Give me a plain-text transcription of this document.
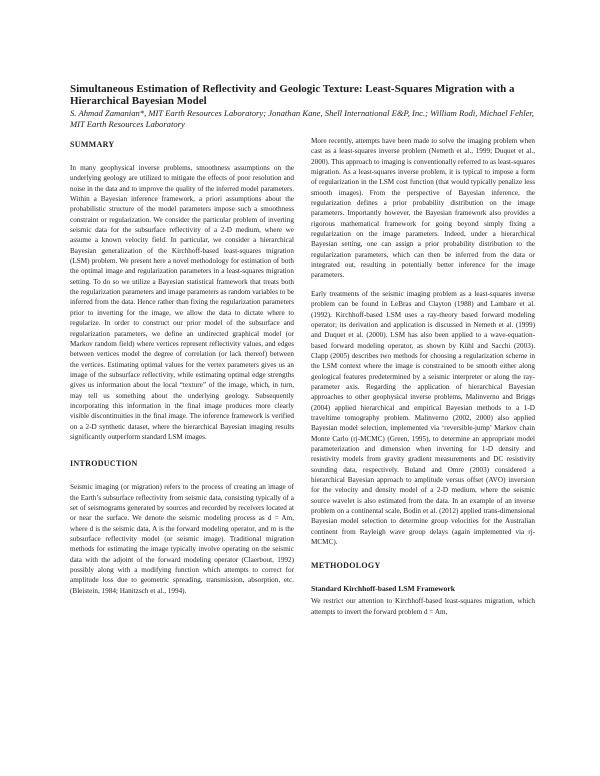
Simultaneous Estimation of Reflectivity and Geologic Texture: Least-Squares Migration with a Hierarchical Bayesian Model

S. Ahmad Zamanian*, MIT Earth Resources Laboratory; Jonathan Kane, Shell International E&P, Inc.; William Rodi, Michael Fehler, MIT Earth Resources Laboratory

SUMMARY

In many geophysical inverse problems, smoothness assumptions on the underlying geology are utilized to mitigate the effects of poor resolution and noise in the data and to improve the quality of the inferred model parameters. Within a Bayesian inference framework, a priori assumptions about the probabilistic structure of the model parameters impose such a smoothness constraint or regularization. We consider the particular problem of inverting seismic data for the subsurface reflectivity of a 2-D medium, where we assume a known velocity field. In particular, we consider a hierarchical Bayesian generalization of the Kirchhoff-based least-squares migration (LSM) problem. We present here a novel methodology for estimation of both the optimal image and regularization parameters in a least-squares migration setting. To do so we utilize a Bayesian statistical framework that treats both the regularization parameters and image parameters as random variables to be inferred from the data. Hence rather than fixing the regularization parameters prior to inverting for the image, we allow the data to dictate where to regularize. In order to construct our prior model of the subsurface and regularization parameters, we define an undirected graphical model (or Markov random field) where vertices represent reflectivity values, and edges between vertices model the degree of correlation (or lack thereof) between the vertices. Estimating optimal values for the vertex parameters gives us an image of the subsurface reflectivity, while estimating optimal edge strengths gives us information about the local “texture” of the image, which, in turn, may tell us something about the underlying geology. Subsequently incorporating this information in the final image produces more clearly visible discontinuities in the final image. The inference framework is verified on a 2-D synthetic dataset, where the hierarchical Bayesian imaging results significantly outperform standard LSM images.

INTRODUCTION

Seismic imaging (or migration) refers to the process of creating an image of the Earth’s subsurface reflectivity from seismic data, consisting typically of a set of seismograms generated by sources and recorded by receivers located at or near the surface. We denote the seismic modeling process as d = Am, where d is the seismic data, A is the forward modeling operator, and m is the subsurface reflectivity model (or seismic image). Traditional migration methods for estimating the image typically involve operating on the seismic data with the adjoint of the forward modeling operator (Claerbout, 1992) possibly along with a modifying function which attempts to correct for amplitude loss due to geometric spreading, transmission, absorption, etc. (Bleistein, 1984; Hanitzsch et al., 1994).

More recently, attempts have been made to solve the imaging problem when cast as a least-squares inverse problem (Nemeth et al., 1999; Duquet et al., 2000). This approach to imaging is conventionally referred to as least-squares migration. As a least-squares inverse problem, it is typical to impose a form of regularization in the LSM cost function (that would typically penalize less smooth images). From the perspective of Bayesian inference, the regularization defines a prior probability distribution on the image parameters. Importantly however, the Bayesian framework also provides a rigorous mathematical framework for going beyond simply fixing a regularization on the image parameters. Indeed, under a hierarchical Bayesian setting, one can assign a prior probability distribution to the regularization parameters, which can then be inferred from the data or integrated out, resulting in potentially better inference for the image parameters.

Early treatments of the seismic imaging problem as a least-squares inverse problem can be found in LeBras and Clayton (1988) and Lambare et al. (1992). Kirchhoff-based LSM uses a ray-theory based forward modeling operator; its derivation and application is discussed in Nemeth et al. (1999) and Duquet et al. (2000). LSM has also been applied to a wave-equation-based forward modeling operator, as shown by Kühl and Sacchi (2003). Clapp (2005) describes two methods for choosing a regularization scheme in the LSM context where the image is constrained to be smooth either along geological features predetermined by a seismic interpreter or along the ray-parameter axis. Regarding the application of hierarchical Bayesian approaches to other geophysical inverse problems, Malinverno and Briggs (2004) applied hierarchical and empirical Bayesian methods to a 1-D traveltime tomography problem. Malinverno (2002, 2000) also applied Bayesian model selection, implemented via ‘reversible-jump’ Markov chain Monte Carlo (rj-MCMC) (Green, 1995), to determine an appropriate model parameterization and dimension when inverting for 1-D density and resistivity models from gravity gradient measurements and DC resistivity sounding data, respectively. Buland and Omre (2003) considered a hierarchical Bayesian approach to amplitude versus offset (AVO) inversion for the velocity and density model of a 2-D medium, where the seismic source wavelet is also estimated from the data. In an example of an inverse problem on a continental scale, Bodin et al. (2012) applied trans-dimensional Bayesian model selection to determine group velocities for the Australian continent from Rayleigh wave group delays (again implemented via rj-MCMC).

METHODOLOGY
Standard Kirchhoff-based LSM Framework

We restrict our attention to Kirchhoff-based least-squares migration, which attempts to invert the forward problem d = Am,
